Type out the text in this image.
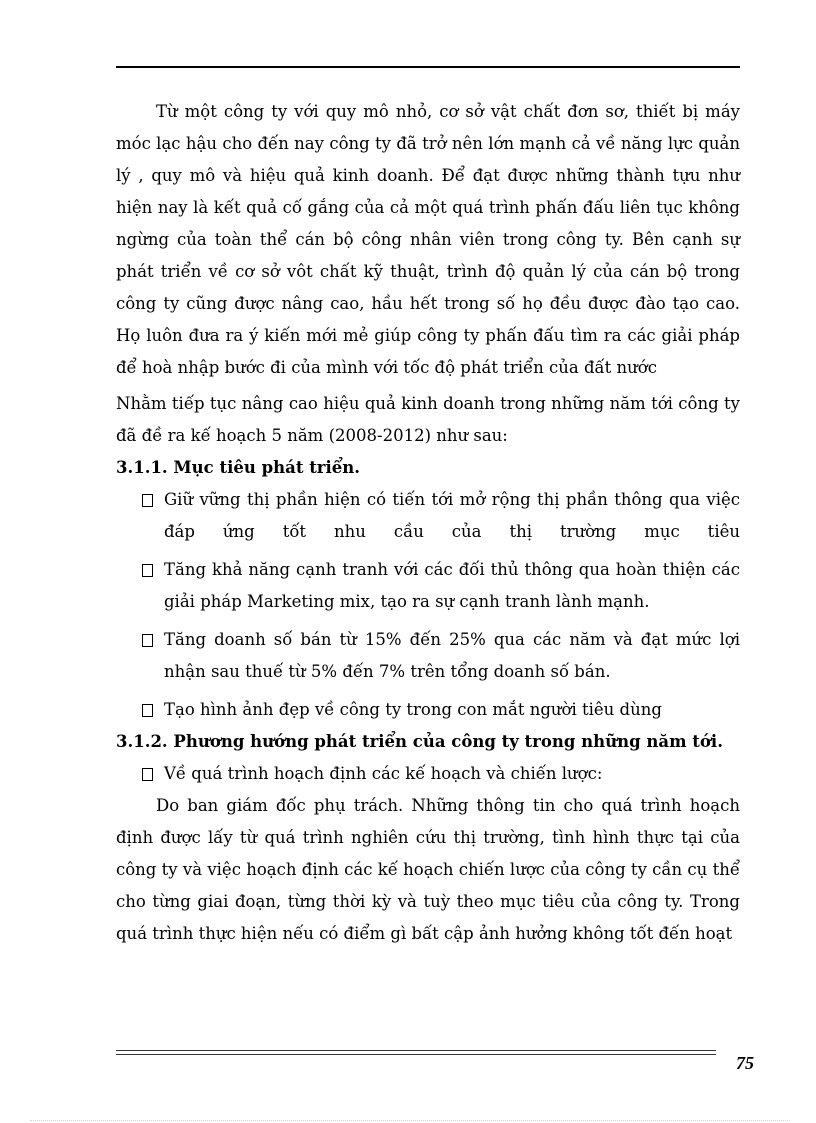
Từ một công ty với quy mô nhỏ, cơ sở vật chất đơn sơ, thiết bị máy móc lạc hậu cho đến nay công ty đã trở nên lớn mạnh cả về năng lực quản lý , quy mô và hiệu quả kinh doanh. Để đạt được những thành tựu như hiện nay là kết quả cố gắng của cả một quá trình phấn đấu liên tục không ngừng của toàn thể cán bộ công nhân viên trong công ty. Bên cạnh sự phát triển về cơ sở vôt chất kỹ thuật, trình độ quản lý của cán bộ trong công ty cũng được nâng cao, hầu hết trong số họ đều được đào tạo cao. Họ luôn đưa ra ý kiến mới mẻ giúp công ty phấn đấu tìm ra các giải pháp để hoà nhập bước đi của mình với tốc độ phát triển của đất nước

Nhằm tiếp tục nâng cao hiệu quả kinh doanh trong những năm tới công ty đã đề ra kế hoạch 5 năm (2008-2012) như sau:

3.1.1. Mục tiêu phát triển.

Giữ vững thị phần hiện có tiến tới mở rộng thị phần thông qua việc đáp ứng tốt nhu cầu của thị trường mục tiêu
Tăng khả năng cạnh tranh với các đối thủ thông qua hoàn thiện các giải pháp Marketing mix, tạo ra sự cạnh tranh lành mạnh.
Tăng doanh số bán từ 15% đến 25% qua các năm và đạt mức lợi nhận sau thuế từ 5% đến 7% trên tổng doanh số bán.
Tạo hình ảnh đẹp về công ty trong con mắt người tiêu dùng

3.1.2. Phương hướng phát triển của công ty trong những năm tới.

Về quá trình hoạch định các kế hoạch và chiến lược:

Do ban giám đốc phụ trách. Những thông tin cho quá trình hoạch định được lấy từ quá trình nghiên cứu thị trường, tình hình thực tại của công ty và việc hoạch định các kế hoạch chiến lược của công ty cần cụ thể cho từng giai đoạn, từng thời kỳ và tuỳ theo mục tiêu của công ty. Trong quá trình thực hiện nếu có điểm gì bất cập ảnh hưởng không tốt đến hoạt

75
